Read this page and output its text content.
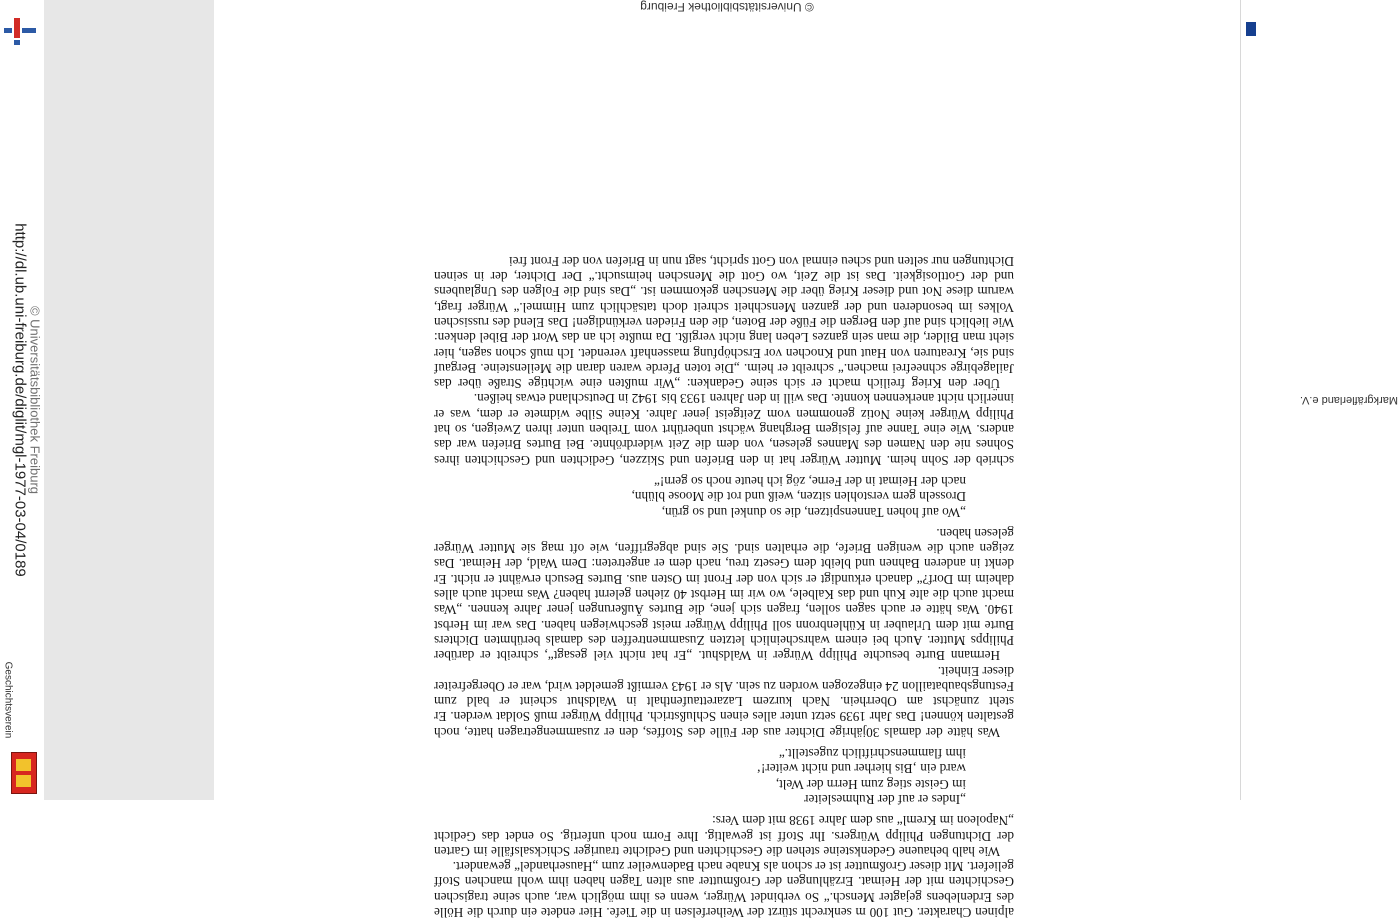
http://dl.ub.uni-freiburg.de/diglit/mgl-1977-03-04/0189 © Universitätsbibliothek Freiburg
Geschichtsverein
Markgräflerland e.V.
© Universitätsbibliothek Freiburg

alpinen Charakter. Gut 100 m senkrecht stürzt der Weiherfelsen in die Tiefe. Hier endete ein durch die Hölle des Erdenlebens gejagter Mensch.“ So verbindet Würger, wenn es ihm möglich war, auch seine tragischen Geschichten mit der Heimat. Erzählungen der Großmutter aus alten Tagen haben ihm wohl manchen Stoff geliefert. Mit dieser Großmutter ist er schon als Knabe nach Badenweiler zum „Hauserhandel“ gewandert.

Wie halb behauene Gedenksteine stehen die Geschichten und Gedichte trauriger Schicksalsfälle im Garten der Dichtungen Philipp Würgers. Ihr Stoff ist gewaltig. Ihre Form noch unfertig. So endet das Gedicht „Napoleon im Kreml“ aus dem Jahre 1938 mit dem Vers:

„Indes er auf der Ruhmesleiter
im Geiste stieg zum Herrn der Welt,
ward ein ‚Bis hierher und nicht weiter!‘
ihm flammenschriftlich zugestellt.“

Was hätte der damals 30jährige Dichter aus der Fülle des Stoffes, den er zusammengetragen hatte, noch gestalten können! Das Jahr 1939 setzt unter alles einen Schlußstrich. Philipp Würger muß Soldat werden. Er steht zunächst am Oberrhein. Nach kurzem Lazarettaufenthalt in Waldshut scheint er bald zum Festungsbaubataillon 24 eingezogen worden zu sein. Als er 1943 vermißt gemeldet wird, war er Obergefreiter dieser Einheit.

Hermann Burte besuchte Philipp Würger in Waldshut. „Er hat nicht viel gesagt“, schreibt er darüber Philipps Mutter. Auch bei einem wahrscheinlich letzten Zusammentreffen des damals berühmten Dichters Burte mit dem Urlauber in Kühlenbronn soll Philipp Würger meist geschwiegen haben. Das war im Herbst 1940. Was hätte er auch sagen sollen, fragen sich jene, die Burtes Äußerungen jener Jahre kennen. „Was macht auch die alte Kuh und das Kalbele, wo wir im Herbst 40 ziehen gelernt haben? Was macht auch alles daheim im Dorf?“ danach erkundigt er sich von der Front im Osten aus. Burtes Besuch erwähnt er nicht. Er denkt in anderen Bahnen und bleibt dem Gesetz treu, nach dem er angetreten: Dem Wald, der Heimat. Das zeigen auch die wenigen Briefe, die erhalten sind. Sie sind abgegriffen, wie oft mag sie Mutter Würger gelesen haben.

„Wo auf hohen Tannenspitzen, die so dunkel und so grün,
Drosseln gern verstohlen sitzen, weiß und rot die Moose blühn,
nach der Heimat in der Ferne, zög ich heute noch so gern!“

schrieb der Sohn heim. Mutter Würger hat in den Briefen und Skizzen, Gedichten und Geschichten ihres Sohnes nie den Namen des Mannes gelesen, von dem die Zeit widerdröhnte. Bei Burtes Briefen war das anders. Wie eine Tanne auf felsigem Berghang wächst unberührt vom Treiben unter ihren Zweigen, so hat Philipp Würger keine Notiz genommen vom Zeitgeist jener Jahre. Keine Silbe widmete er dem, was er innerlich nicht anerkennen konnte. Das will in den Jahren 1933 bis 1942 in Deutschland etwas heißen.

Über den Krieg freilich macht er sich seine Gedanken: „Wir mußten eine wichtige Straße über das Jailagebirge schneefrei machen.“ schreibt er heim. „Die toten Pferde waren daran die Meilensteine. Bergauf sind sie, Kreaturen von Haut und Knochen vor Erschöpfung massenhaft verendet. Ich muß schon sagen, hier sieht man Bilder, die man sein ganzes Leben lang nicht vergißt. Da mußte ich an das Wort der Bibel denken: Wie lieblich sind auf den Bergen die Füße der Boten, die den Frieden verkündigen! Das Elend des russischen Volkes im besonderen und der ganzen Menschheit schreit doch tatsächlich zum Himmel.“ Würger fragt, warum diese Not und dieser Krieg über die Menschen gekommen ist. „Das sind die Folgen des Unglaubens und der Gottlosigkeit. Das ist die Zeit, wo Gott die Menschen heimsucht.“ Der Dichter, der in seinen Dichtungen nur selten und scheu einmal von Gott spricht, sagt nun in Briefen von der Front frei
